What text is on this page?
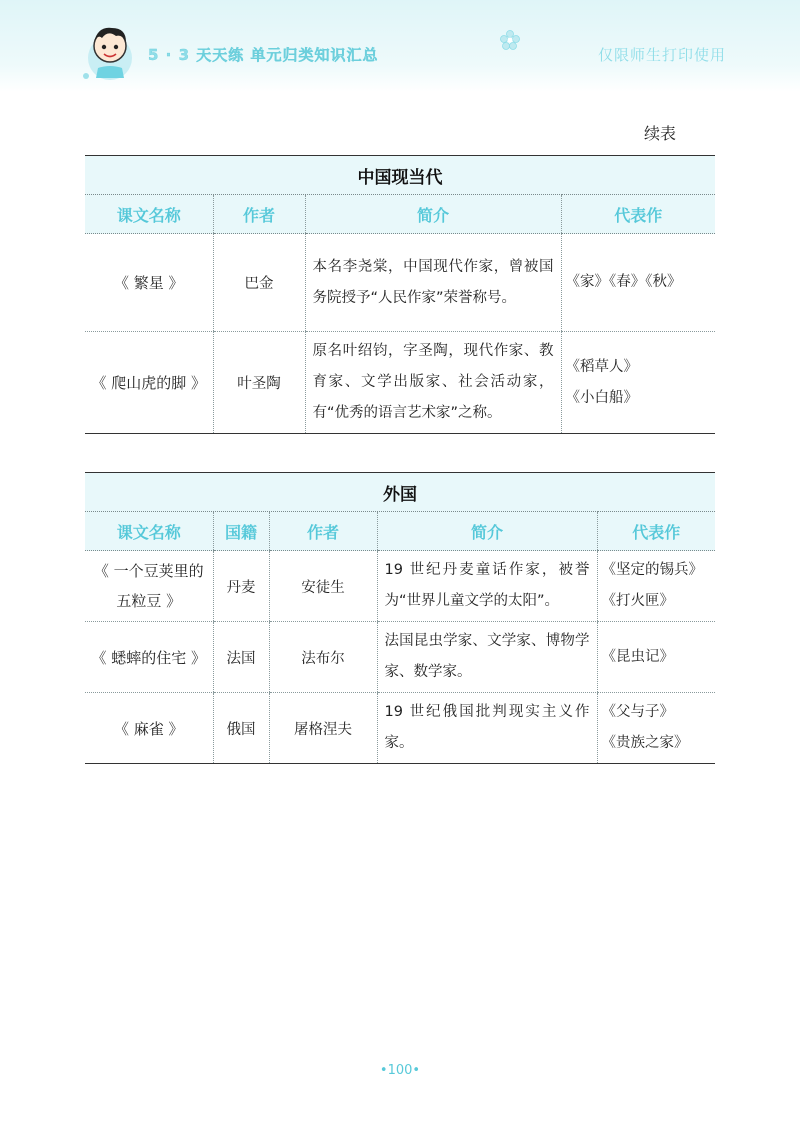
5 · 3 天天练 单元归类知识汇总	仅限师生打印使用
续表
中国现当代			
课文名称	作者	简介	代表作
《 繁星 》	巴金	本名李尧棠，中国现代作家，曾被国务院授予“人民作家”荣誉称号。	《家》《春》《秋》

《 爬山虎的脚 》	叶圣陶	原名叶绍钧，字圣陶，现代作家、教育家、文学出版家、社会活动家，有“优秀的语言艺术家”之称。	《稻草人》
《小白船》
外国				
课文名称	国籍	作者	简介	代表作
《 一个豆荚里的五粒豆 》	丹麦	安徒生	19 世纪丹麦童话作家，被誉为“世界儿童文学的太阳”。	《坚定的锡兵》
《打火匣》

《 蟋蟀的住宅 》	法国	法布尔	法国昆虫学家、文学家、博物学家、数学家。	《昆虫记》

《 麻雀 》	俄国	屠格涅夫	19 世纪俄国批判现实主义作家。	《父与子》
《贵族之家》
•100•
